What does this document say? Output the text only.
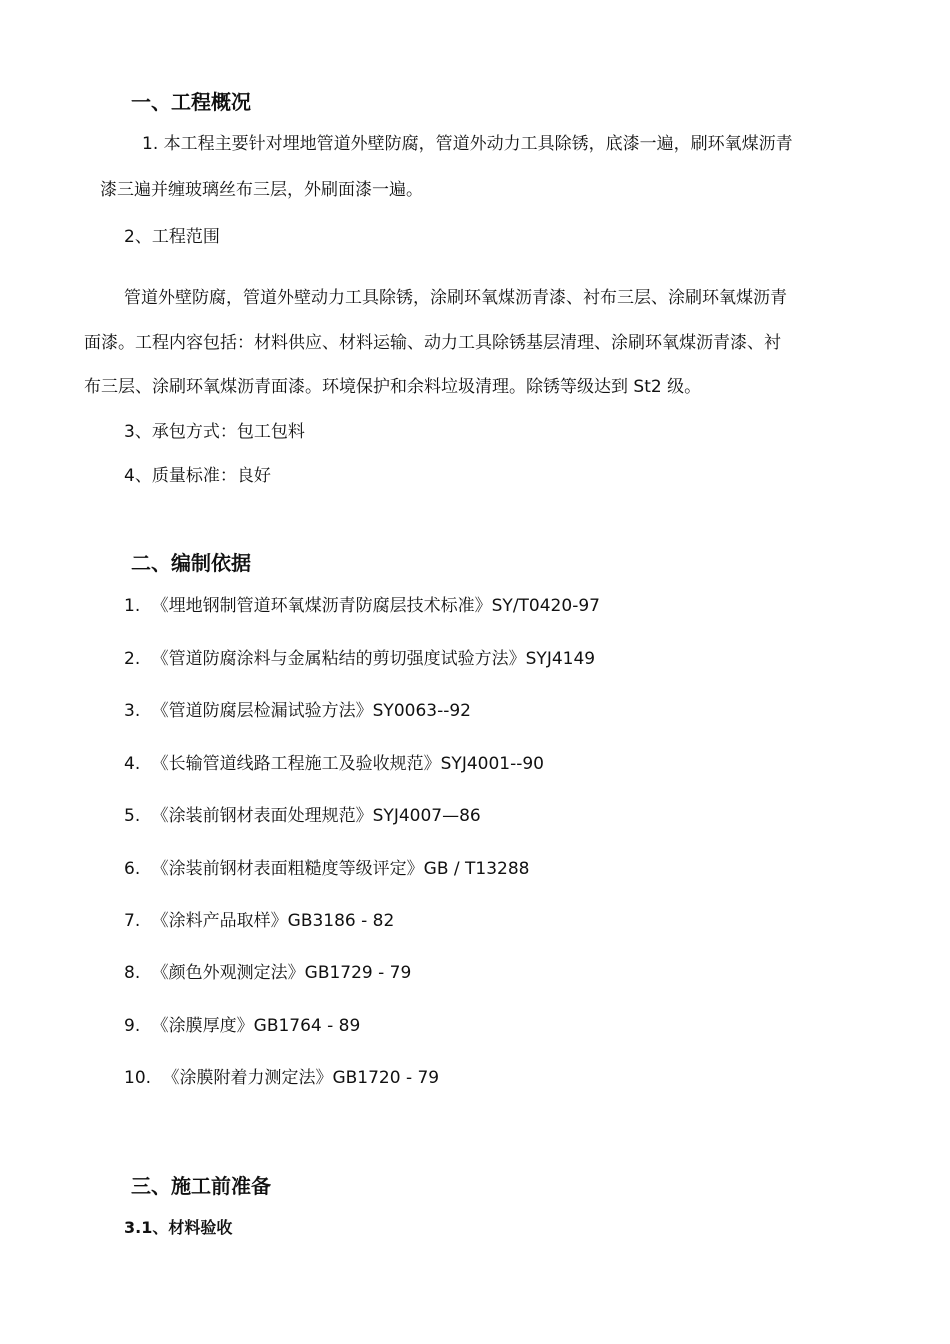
一、工程概况
1. 本工程主要针对埋地管道外壁防腐，管道外动力工具除锈，底漆一遍，刷环氧煤沥青
漆三遍并缠玻璃丝布三层，外刷面漆一遍。
2、工程范围
管道外壁防腐，管道外壁动力工具除锈，涂刷环氧煤沥青漆、衬布三层、涂刷环氧煤沥青
面漆。工程内容包括：材料供应、材料运输、动力工具除锈基层清理、涂刷环氧煤沥青漆、衬
布三层、涂刷环氧煤沥青面漆。环境保护和余料垃圾清理。除锈等级达到 St2 级。
3、承包方式：包工包料
4、质量标准：良好
二、编制依据
1. 《埋地钢制管道环氧煤沥青防腐层技术标准》SY/T0420-97
2. 《管道防腐涂料与金属粘结的剪切强度试验方法》SYJ4149
3. 《管道防腐层检漏试验方法》SY0063--92
4. 《长输管道线路工程施工及验收规范》SYJ4001--90
5. 《涂装前钢材表面处理规范》SYJ4007—86
6. 《涂装前钢材表面粗糙度等级评定》GB / T13288
7. 《涂料产品取样》GB3186 - 82
8. 《颜色外观测定法》GB1729 - 79
9. 《涂膜厚度》GB1764 - 89
10. 《涂膜附着力测定法》GB1720 - 79
三、施工前准备
3.1、材料验收
